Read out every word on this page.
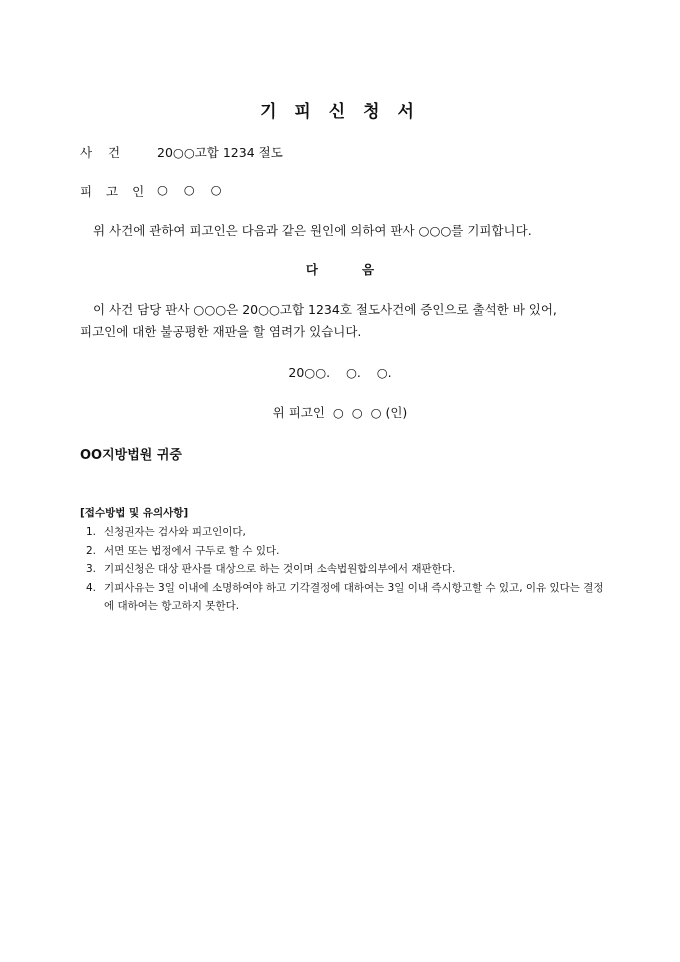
기 피 신 청 서
사    건	20○○고합 1234 절도
피 고 인 ○    ○    ○
위 사건에 관하여 피고인은 다음과 같은 원인에 의하여 판사 ○○○를 기피합니다.
다음
이 사건 담당 판사 ○○○은 20○○고합 1234호 절도사건에 증인으로 출석한 바 있어,
피고인에 대한 불공평한 재판을 할 염려가 있습니다.
20○○.    ○.    ○.
위 피고인  ○  ○  ○ (인)
OO지방법원 귀중
[접수방법 및 유의사항]
1. 신청권자는 검사와 피고인이다,
2. 서면 또는 법정에서 구두로 할 수 있다.
3. 기피신청은 대상 판사를 대상으로 하는 것이며 소속법원합의부에서 재판한다.
4. 기피사유는 3일 이내에 소명하여야 하고 기각결정에 대하여는 3일 이내 즉시항고할 수 있고, 이유 있다는 결정에 대하여는 항고하지 못한다.
